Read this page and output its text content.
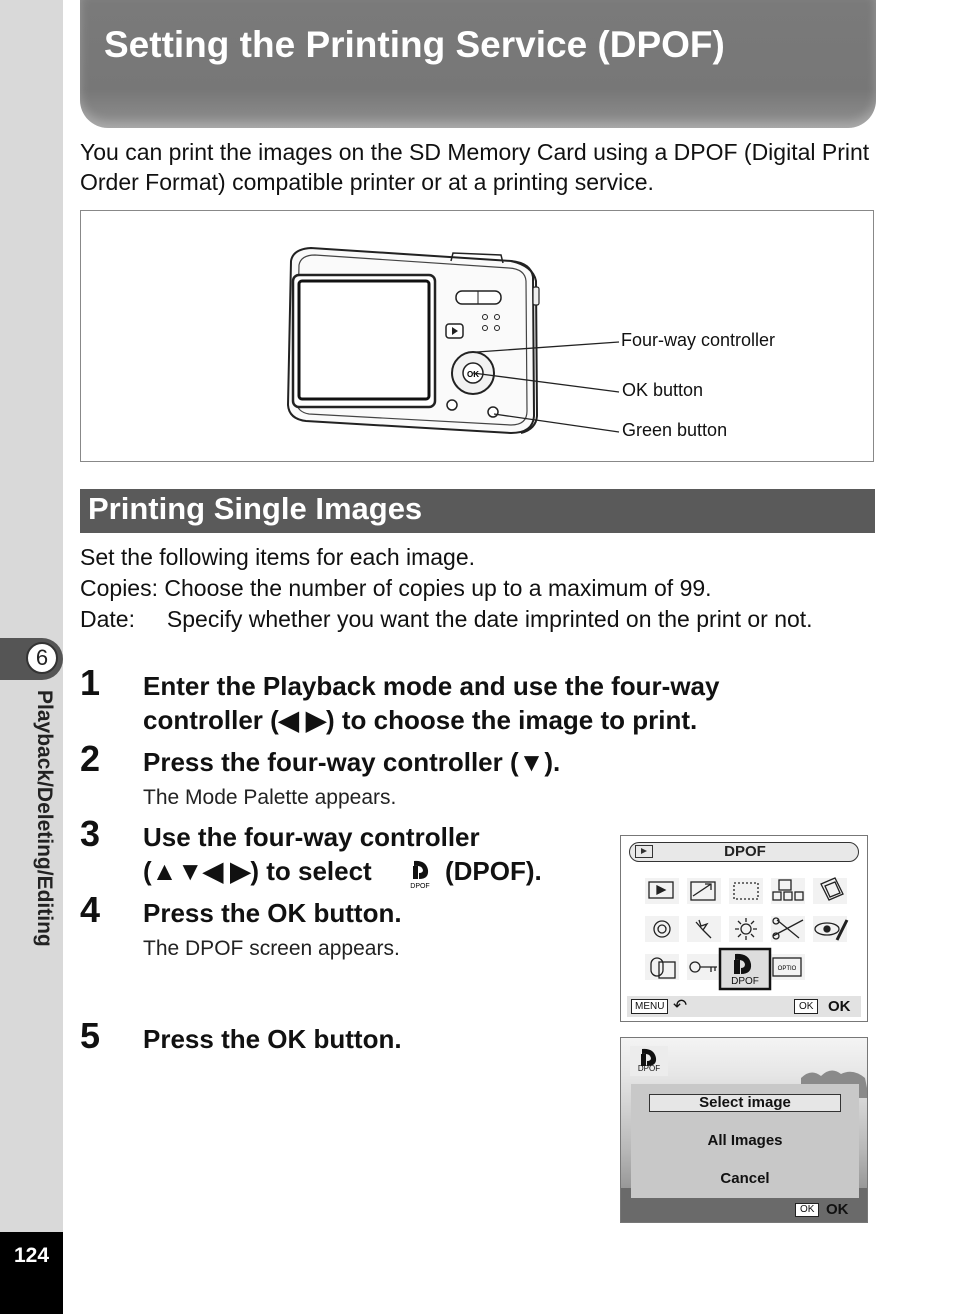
6
Playback/Deleting/Editing
124
Setting the Printing Service (DPOF)
You can print the images on the SD Memory Card using a DPOF (Digital Print Order Format) compatible printer or at a printing service.
OK
Four-way controller
OK button
Green button
Printing Single Images
Set the following items for each image.
Copies: Choose the number of copies up to a maximum of 99.
Date:     Specify whether you want the date imprinted on the print or not.
1 Enter the Playback mode and use the four-way
controller (◀ ▶) to choose the image to print.
2 Press the four-way controller (▼).
The Mode Palette appears.
3 Use the four-way controller
(▲▼◀ ▶) to select
DPOF
(DPOF).
4 Press the OK button.
The DPOF screen appears.
5 Press the OK button.
DPOF
OPTIO
DPOF
MENU ↶	OK OK
DPOF
Select image
All Images
Cancel
OK OK
